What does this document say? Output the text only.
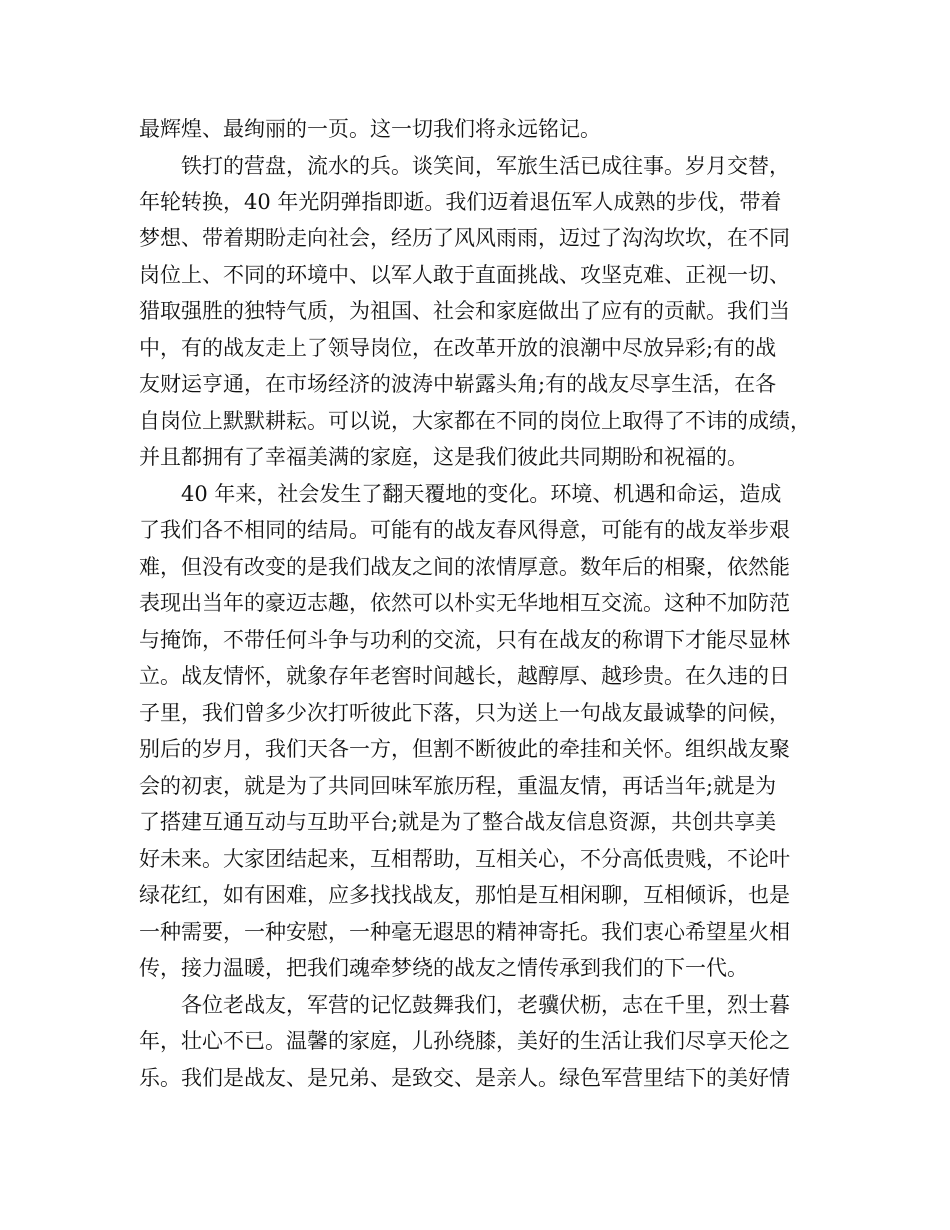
最辉煌、最绚丽的一页。这一切我们将永远铭记。

铁打的营盘，流水的兵。谈笑间，军旅生活已成往事。岁月交替，

年轮转换，40 年光阴弹指即逝。我们迈着退伍军人成熟的步伐，带着

梦想、带着期盼走向社会，经历了风风雨雨，迈过了沟沟坎坎，在不同

岗位上、不同的环境中、以军人敢于直面挑战、攻坚克难、正视一切、

猎取强胜的独特气质，为祖国、社会和家庭做出了应有的贡献。我们当

中，有的战友走上了领导岗位，在改革开放的浪潮中尽放异彩;有的战

友财运亨通，在市场经济的波涛中崭露头角;有的战友尽享生活，在各

自岗位上默默耕耘。可以说，大家都在不同的岗位上取得了不讳的成绩，

并且都拥有了幸福美满的家庭，这是我们彼此共同期盼和祝福的。

40 年来，社会发生了翻天覆地的变化。环境、机遇和命运，造成

了我们各不相同的结局。可能有的战友春风得意，可能有的战友举步艰

难，但没有改变的是我们战友之间的浓情厚意。数年后的相聚，依然能

表现出当年的豪迈志趣，依然可以朴实无华地相互交流。这种不加防范

与掩饰，不带任何斗争与功利的交流，只有在战友的称谓下才能尽显林

立。战友情怀，就象存年老窖时间越长，越醇厚、越珍贵。在久违的日

子里，我们曾多少次打听彼此下落，只为送上一句战友最诚挚的问候，

别后的岁月，我们天各一方，但割不断彼此的牵挂和关怀。组织战友聚

会的初衷，就是为了共同回味军旅历程，重温友情，再话当年;就是为

了搭建互通互动与互助平台;就是为了整合战友信息资源，共创共享美

好未来。大家团结起来，互相帮助，互相关心，不分高低贵贱，不论叶

绿花红，如有困难，应多找找战友，那怕是互相闲聊，互相倾诉，也是

一种需要，一种安慰，一种毫无遐思的精神寄托。我们衷心希望星火相

传，接力温暖，把我们魂牵梦绕的战友之情传承到我们的下一代。

各位老战友，军营的记忆鼓舞我们，老骥伏枥，志在千里，烈士暮

年，壮心不已。温馨的家庭，儿孙绕膝，美好的生活让我们尽享天伦之

乐。我们是战友、是兄弟、是致交、是亲人。绿色军营里结下的美好情
